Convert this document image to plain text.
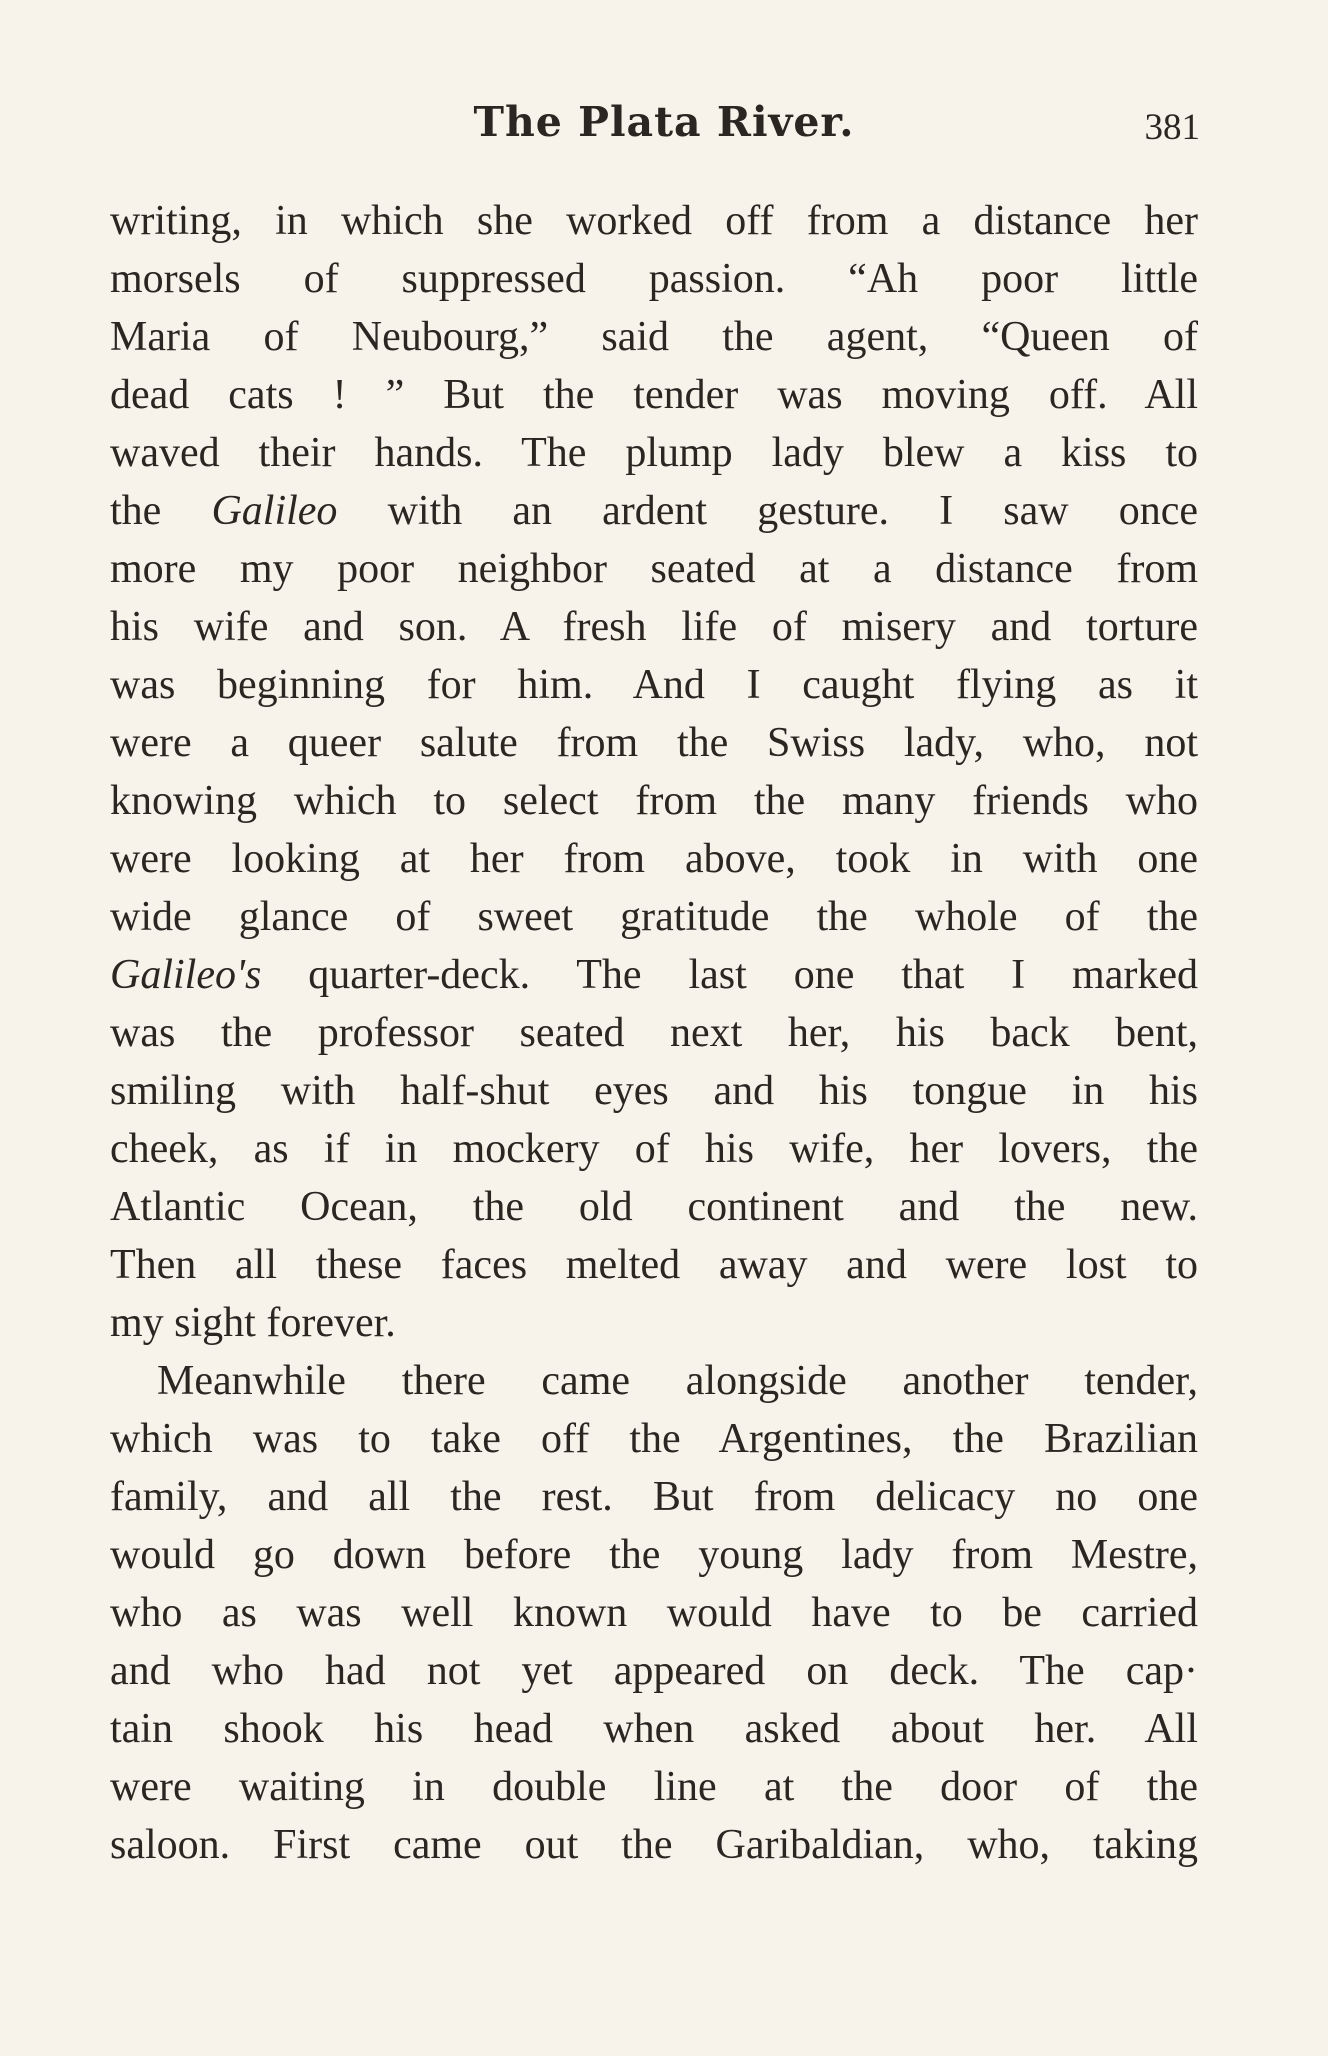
The Plata River.	381
writing, in which she worked off from a distance her
morsels of suppressed passion. “Ah poor little
Maria of Neubourg,” said the agent, “Queen of
dead cats ! ” But the tender was moving off. All
waved their hands. The plump lady blew a kiss to
the Galileo with an ardent gesture. I saw once
more my poor neighbor seated at a distance from
his wife and son. A fresh life of misery and torture
was beginning for him. And I caught flying as it
were a queer salute from the Swiss lady, who, not
knowing which to select from the many friends who
were looking at her from above, took in with one
wide glance of sweet gratitude the whole of the
Galileo's quarter-deck. The last one that I marked
was the professor seated next her, his back bent,
smiling with half-shut eyes and his tongue in his
cheek, as if in mockery of his wife, her lovers, the
Atlantic Ocean, the old continent and the new.
Then all these faces melted away and were lost to
my sight forever.
Meanwhile there came alongside another tender,
which was to take off the Argentines, the Brazilian
family, and all the rest. But from delicacy no one
would go down before the young lady from Mestre,
who as was well known would have to be carried
and who had not yet appeared on deck. The cap·
tain shook his head when asked about her. All
were waiting in double line at the door of the
saloon. First came out the Garibaldian, who, taking
